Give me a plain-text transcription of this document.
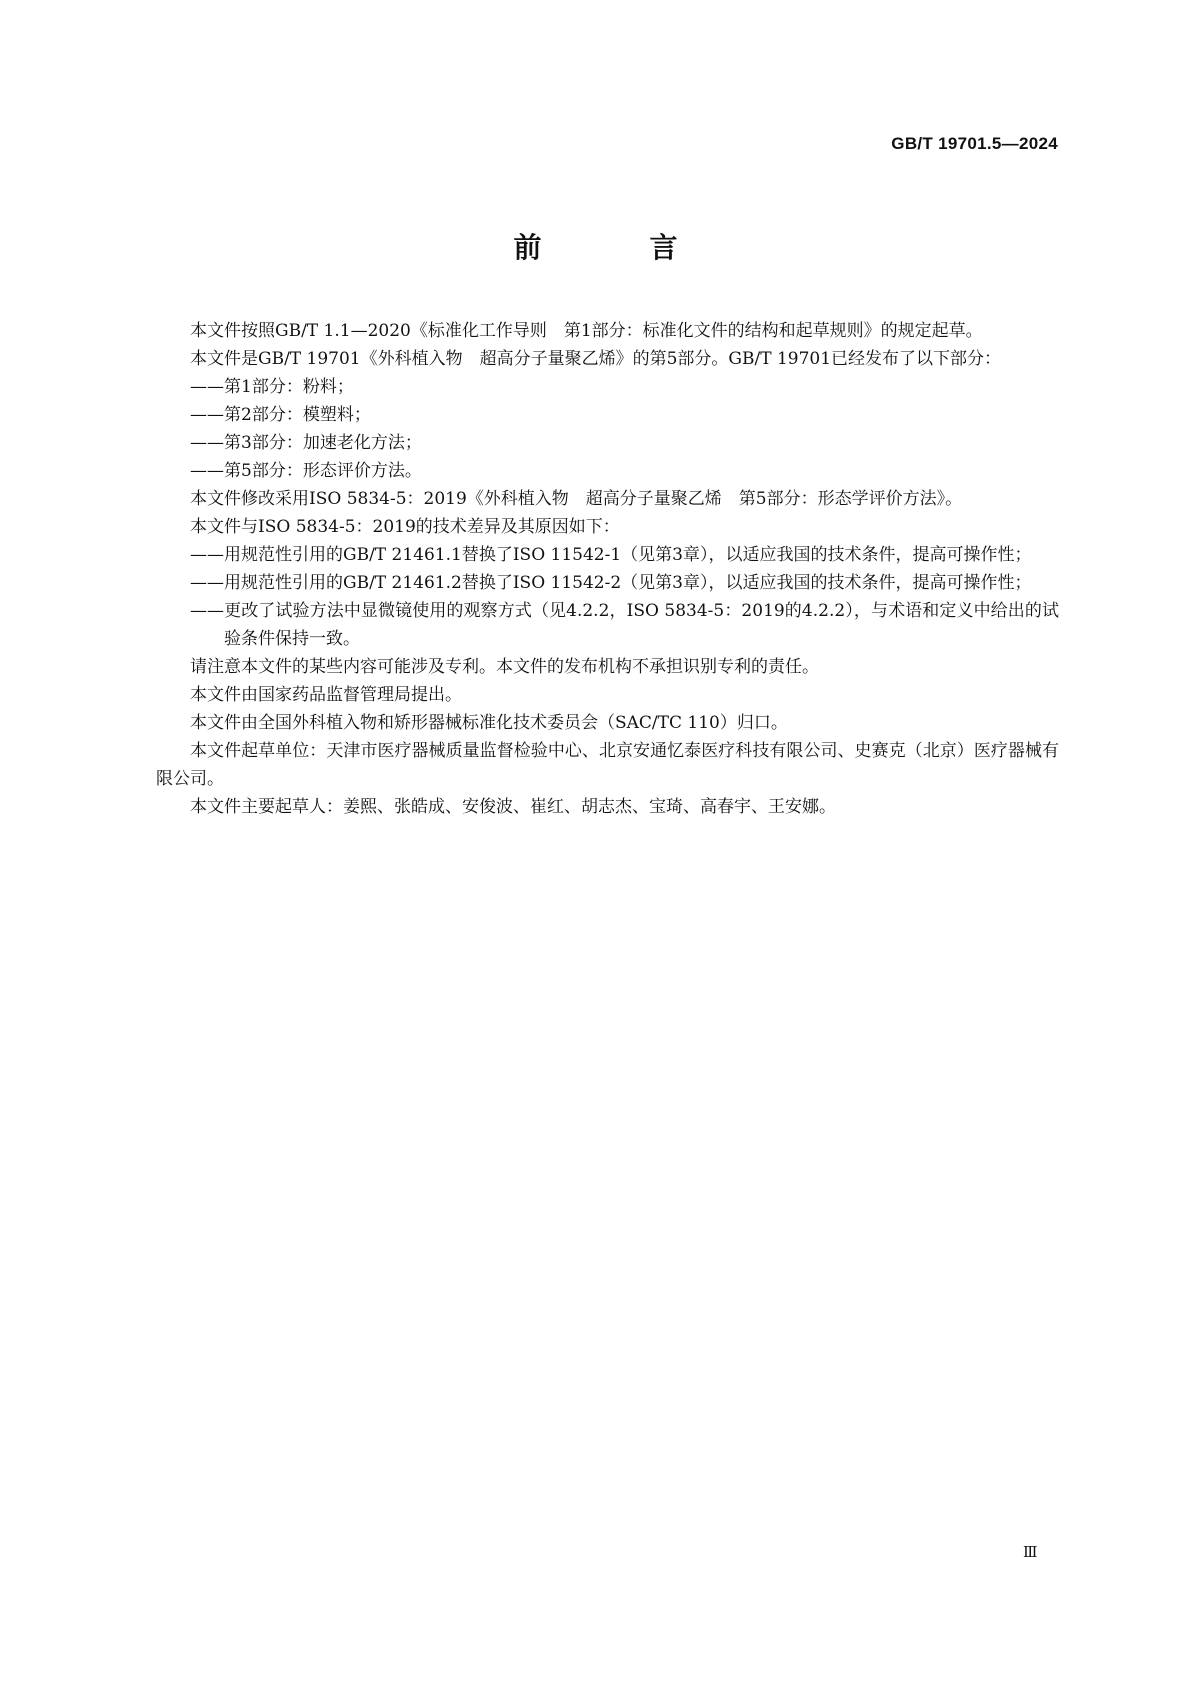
GB/T 19701.5—2024
前　言

本文件按照GB/T 1.1—2020《标准化工作导则　第1部分：标准化文件的结构和起草规则》的规定起草。

本文件是GB/T 19701《外科植入物　超高分子量聚乙烯》的第5部分。GB/T 19701已经发布了以下部分：

——第1部分：粉料；

——第2部分：模塑料；

——第3部分：加速老化方法；

——第5部分：形态评价方法。

本文件修改采用ISO 5834-5：2019《外科植入物　超高分子量聚乙烯　第5部分：形态学评价方法》。

本文件与ISO 5834-5：2019的技术差异及其原因如下：

——用规范性引用的GB/T 21461.1替换了ISO 11542-1（见第3章），以适应我国的技术条件，提高可操作性；

——用规范性引用的GB/T 21461.2替换了ISO 11542-2（见第3章），以适应我国的技术条件，提高可操作性；

——更改了试验方法中显微镜使用的观察方式（见4.2.2，ISO 5834-5：2019的4.2.2），与术语和定义中给出的试验条件保持一致。

请注意本文件的某些内容可能涉及专利。本文件的发布机构不承担识别专利的责任。

本文件由国家药品监督管理局提出。

本文件由全国外科植入物和矫形器械标准化技术委员会（SAC/TC 110）归口。

本文件起草单位：天津市医疗器械质量监督检验中心、北京安通忆泰医疗科技有限公司、史赛克（北京）医疗器械有限公司。

本文件主要起草人：姜熙、张皓成、安俊波、崔红、胡志杰、宝琦、高春宇、王安娜。

Ⅲ
